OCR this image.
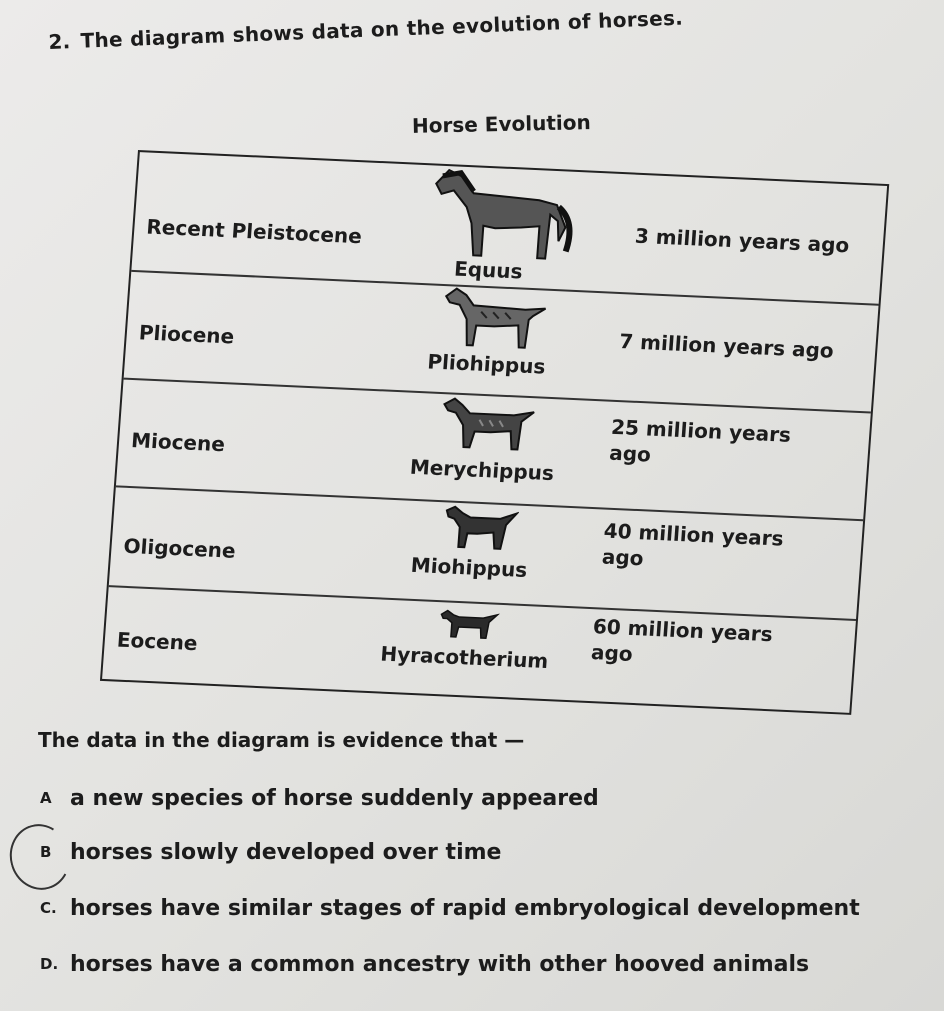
2. The diagram shows data on the evolution of horses.
Horse Evolution
Recent Pleistocene
Equus
3 million years ago
Pliocene
Pliohippus
7 million years ago
Miocene
Merychippus
25 million years
ago
Oligocene
Miohippus
40 million years
ago
Eocene
Hyracotherium
60 million years
ago
The data in the diagram is evidence that —
A a new species of horse suddenly appeared
B horses slowly developed over time
C. horses have similar stages of rapid embryological development
D. horses have a common ancestry with other hooved animals
